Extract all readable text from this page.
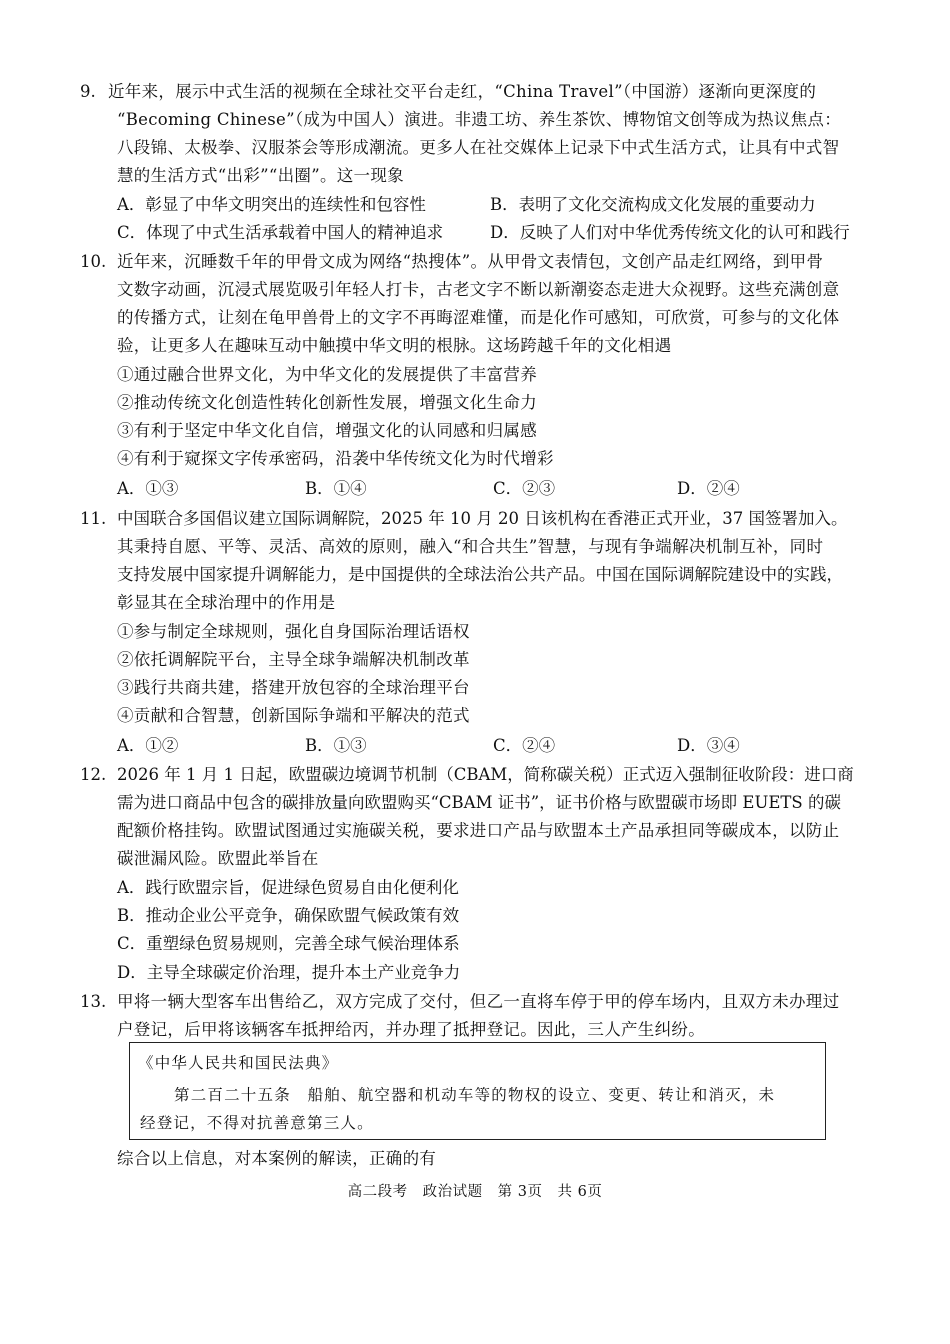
9. 近年来，展示中式生活的视频在全球社交平台走红，“China Travel”（中国游）逐渐向更深度的
“Becoming Chinese”（成为中国人）演进。非遗工坊、养生茶饮、博物馆文创等成为热议焦点：
八段锦、太极拳、汉服茶会等形成潮流。更多人在社交媒体上记录下中式生活方式，让具有中式智
慧的生活方式“出彩”“出圈”。这一现象
A．彰显了中华文明突出的连续性和包容性	B．表明了文化交流构成文化发展的重要动力
C．体现了中式生活承载着中国人的精神追求	D．反映了人们对中华优秀传统文化的认可和践行
10. 近年来，沉睡数千年的甲骨文成为网络“热搜体”。从甲骨文表情包，文创产品走红网络，到甲骨
文数字动画，沉浸式展览吸引年轻人打卡，古老文字不断以新潮姿态走进大众视野。这些充满创意
的传播方式，让刻在龟甲兽骨上的文字不再晦涩难懂，而是化作可感知，可欣赏，可参与的文化体
验，让更多人在趣味互动中触摸中华文明的根脉。这场跨越千年的文化相遇
①通过融合世界文化，为中华文化的发展提供了丰富营养
②推动传统文化创造性转化创新性发展，增强文化生命力
③有利于坚定中华文化自信，增强文化的认同感和归属感
④有利于窥探文字传承密码，沿袭中华传统文化为时代增彩
A．①③	B．①④	C．②③	D．②④
11. 中国联合多国倡议建立国际调解院，2025 年 10 月 20 日该机构在香港正式开业，37 国签署加入。
其秉持自愿、平等、灵活、高效的原则，融入“和合共生”智慧，与现有争端解决机制互补，同时
支持发展中国家提升调解能力，是中国提供的全球法治公共产品。中国在国际调解院建设中的实践，
彰显其在全球治理中的作用是
①参与制定全球规则，强化自身国际治理话语权
②依托调解院平台，主导全球争端解决机制改革
③践行共商共建，搭建开放包容的全球治理平台
④贡献和合智慧，创新国际争端和平解决的范式
A．①②	B．①③	C．②④	D．③④
12. 2026 年 1 月 1 日起，欧盟碳边境调节机制（CBAM，简称碳关税）正式迈入强制征收阶段：进口商
需为进口商品中包含的碳排放量向欧盟购买“CBAM 证书”，证书价格与欧盟碳市场即 EUETS 的碳
配额价格挂钩。欧盟试图通过实施碳关税，要求进口产品与欧盟本土产品承担同等碳成本，以防止
碳泄漏风险。欧盟此举旨在
A．践行欧盟宗旨，促进绿色贸易自由化便利化
B．推动企业公平竞争，确保欧盟气候政策有效
C．重塑绿色贸易规则，完善全球气候治理体系
D．主导全球碳定价治理，提升本土产业竞争力
13. 甲将一辆大型客车出售给乙，双方完成了交付，但乙一直将车停于甲的停车场内，且双方未办理过
户登记，后甲将该辆客车抵押给丙，并办理了抵押登记。因此，三人产生纠纷。
《中华人民共和国民法典》
第二百二十五条　船舶、航空器和机动车等的物权的设立、变更、转让和消灭，未
经登记，不得对抗善意第三人。
综合以上信息，对本案例的解读，正确的有
高二段考　政治试题　第 3页　共 6页
